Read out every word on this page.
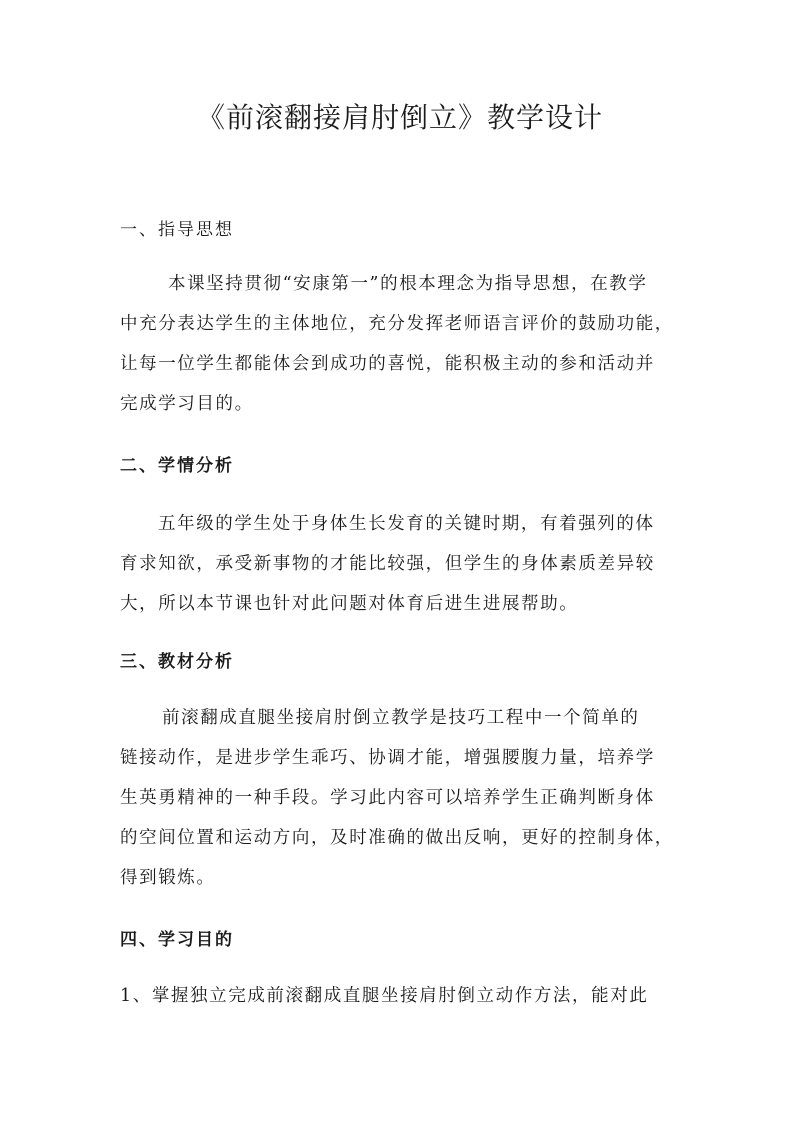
《前滚翻接肩肘倒立》教学设计
一、指导思想
本课坚持贯彻“安康第一”的根本理念为指导思想，在教学
中充分表达学生的主体地位，充分发挥老师语言评价的鼓励功能，
让每一位学生都能体会到成功的喜悦，能积极主动的参和活动并
完成学习目的。
二、学情分析
五年级的学生处于身体生长发育的关键时期，有着强列的体
育求知欲，承受新事物的才能比较强，但学生的身体素质差异较
大，所以本节课也针对此问题对体育后进生进展帮助。
三、教材分析
前滚翻成直腿坐接肩肘倒立教学是技巧工程中一个简单的
链接动作，是进步学生乖巧、协调才能，增强腰腹力量，培养学
生英勇精神的一种手段。学习此内容可以培养学生正确判断身体
的空间位置和运动方向，及时准确的做出反响，更好的控制身体，
得到锻炼。
四、学习目的
1、掌握独立完成前滚翻成直腿坐接肩肘倒立动作方法，能对此
